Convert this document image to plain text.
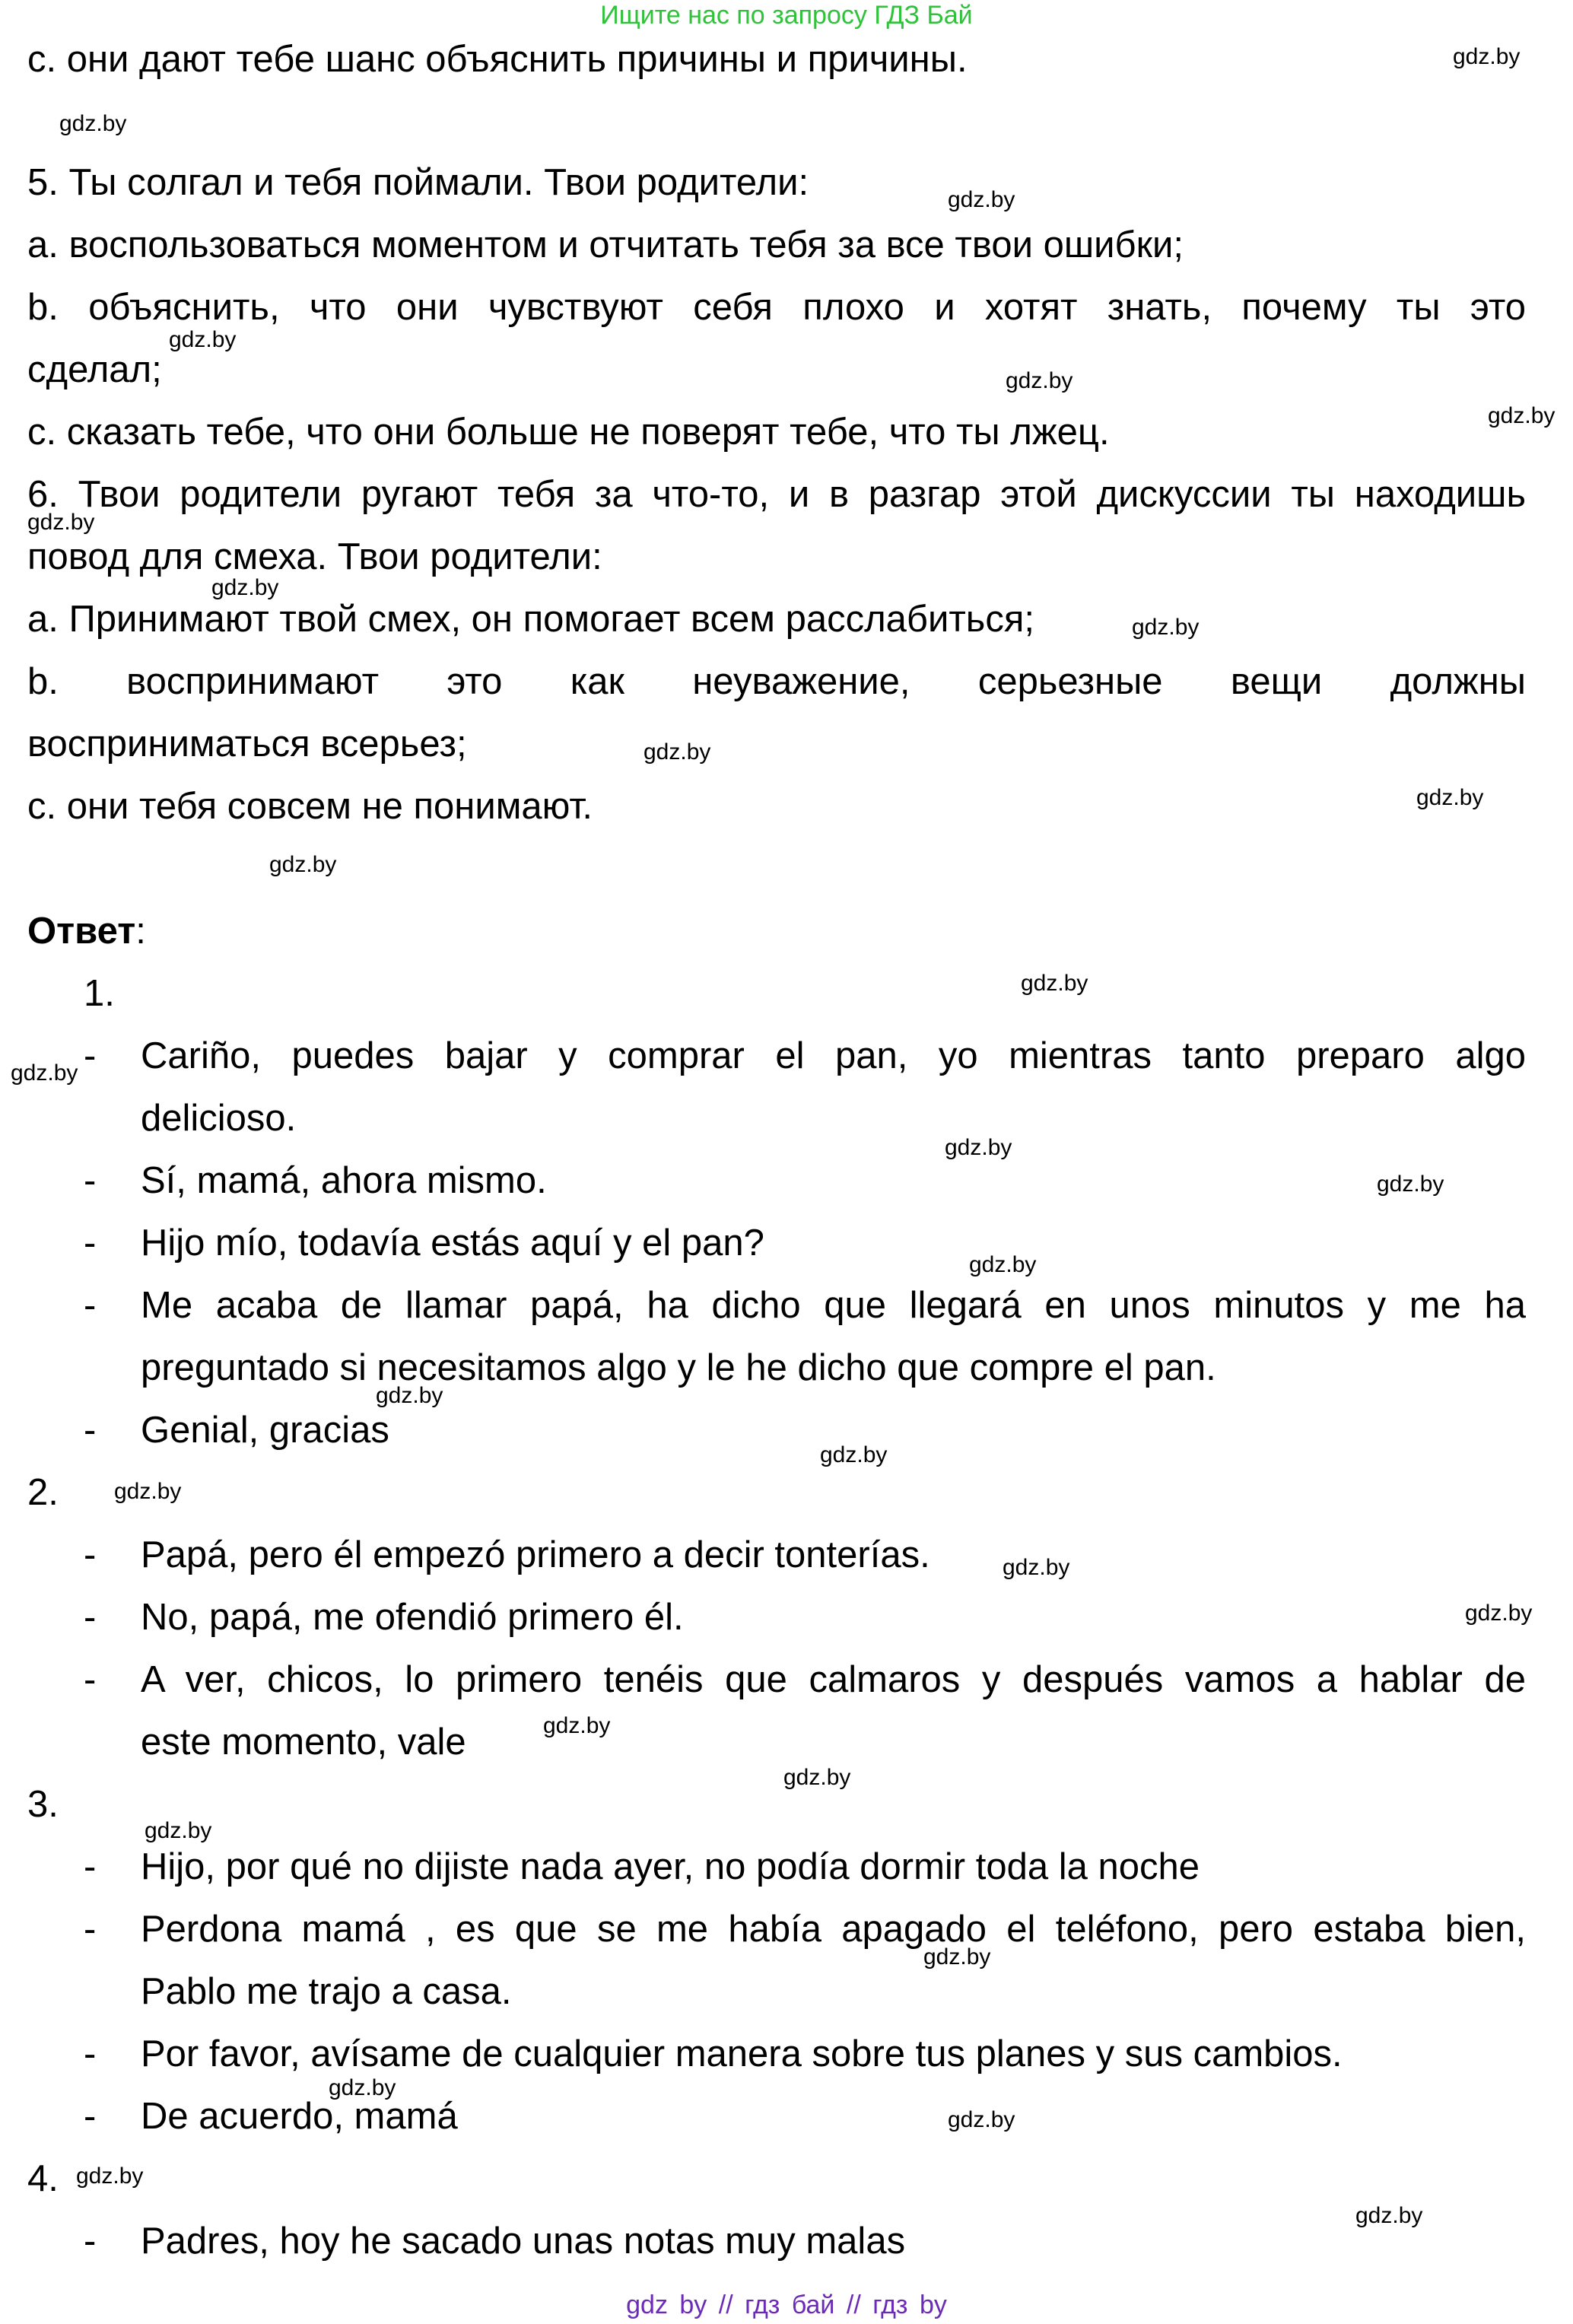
Ищите нас по запросу ГДЗ Бай
c. они дают тебе шанс объяснить причины и причины.
5. Ты солгал и тебя поймали. Твои родители:
a. воспользоваться моментом и отчитать тебя за все твои ошибки;
b. объяснить, что они чувствуют себя плохо и хотят знать, почему ты это
сделал;
c. сказать тебе, что они больше не поверят тебе, что ты лжец.
6. Твои родители ругают тебя за что-то, и в разгар этой дискуссии ты находишь
повод для смеха. Твои родители:
a. Принимают твой смех, он помогает всем расслабиться;
b. воспринимают это как неуважение, серьезные вещи должны
восприниматься всерьез;
c. они тебя совсем не понимают.
Ответ:
1.
- Cariño, puedes bajar y comprar el pan, yo mientras tanto preparo algo
delicioso.
- Sí, mamá, ahora mismo.
- Hijo mío, todavía estás aquí y el pan?
- Me acaba de llamar papá, ha dicho que llegará en unos minutos y me ha
preguntado si necesitamos algo y le he dicho que compre el pan.
- Genial, gracias
2.
- Papá, pero él empezó primero a decir tonterías.
- No, papá, me ofendió primero él.
- A ver, chicos, lo primero tenéis que calmaros y después vamos a hablar de
este momento, vale
3.
- Hijo, por qué no dijiste nada ayer, no podía dormir toda la noche
- Perdona mamá , es que se me había apagado el teléfono, pero estaba bien,
Pablo me trajo a casa.
- Por favor, avísame de cualquier manera sobre tus planes y sus cambios.
- De acuerdo, mamá
4.
- Padres, hoy he sacado unas notas muy malas
gdz.by
gdz.by
gdz.by
gdz.by
gdz.by
gdz.by
gdz.by
gdz.by
gdz.by
gdz.by
gdz.by
gdz.by
gdz.by
gdz.by
gdz.by
gdz.by
gdz.by
gdz.by
gdz.by
gdz.by
gdz.by
gdz.by
gdz.by
gdz.by
gdz.by
gdz.by
gdz.by
gdz.by
gdz.by
gdz.by
gdz by // гдз бай // гдз by
